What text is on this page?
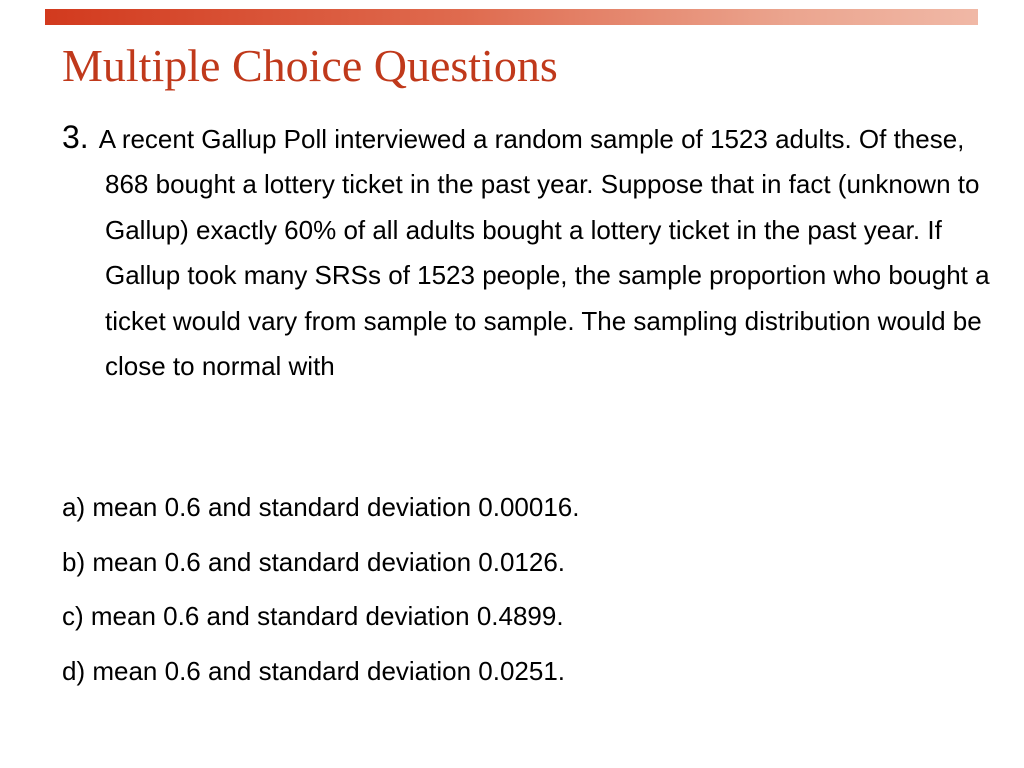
Multiple Choice Questions

3. A recent Gallup Poll interviewed a random sample of 1523 adults. Of these, 868 bought a lottery ticket in the past year. Suppose that in fact (unknown to Gallup) exactly 60% of all adults bought a lottery ticket in the past year. If Gallup took many SRSs of 1523 people, the sample proportion who bought a ticket would vary from sample to sample. The sampling distribution would be close to normal with

a) mean 0.6 and standard deviation 0.00016.
b) mean 0.6 and standard deviation 0.0126.
c) mean 0.6 and standard deviation 0.4899.
d) mean 0.6 and standard deviation 0.0251.
